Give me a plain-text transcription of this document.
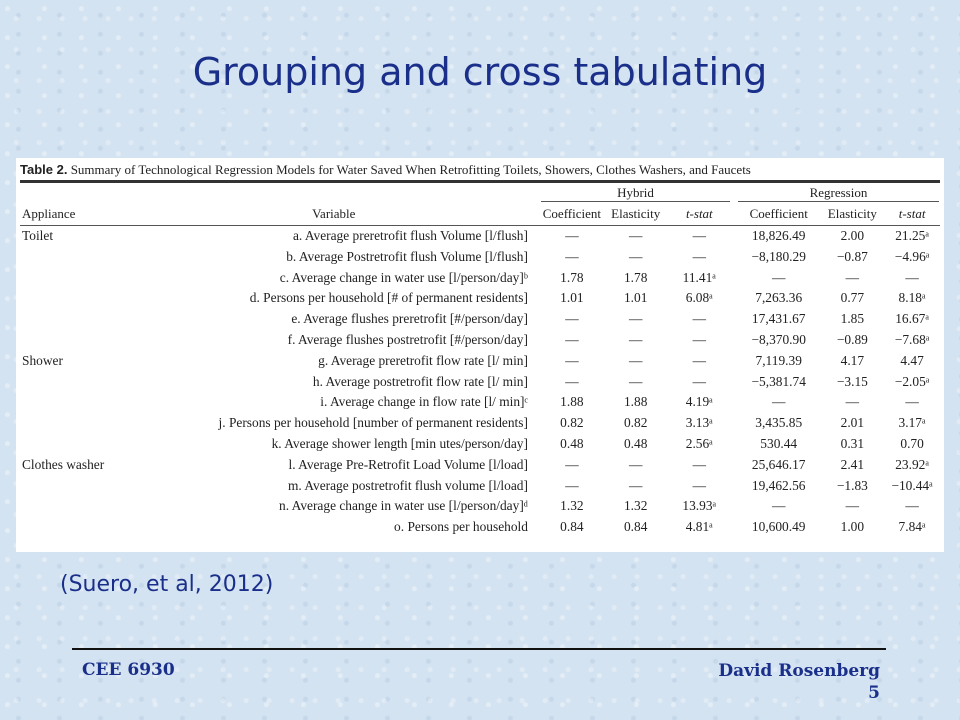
Grouping and cross tabulating
Table 2. Summary of Technological Regression Models for Water Saved When Retrofitting Toilets, Showers, Clothes Washers, and Faucets
		Hybrid				Regression		
Appliance	Variable	Coefficient	Elasticity	t-stat		Coefficient	Elasticity	t-stat
Toilet	a. Average preretrofit flush Volume [l/flush]	—	—	—		18,826.49	2.00	21.25ᵃ
	b. Average Postretrofit flush Volume [l/flush]	—	—	—		−8,180.29	−0.87	−4.96ᵃ
	c. Average change in water use [l/person/day]ᵇ	1.78	1.78	11.41ᵃ		—	—	—
	d. Persons per household [# of permanent residents]	1.01	1.01	6.08ᵃ		7,263.36	0.77	8.18ᵃ
	e. Average flushes preretrofit [#/person/day]	—	—	—		17,431.67	1.85	16.67ᵃ
	f. Average flushes postretrofit [#/person/day]	—	—	—		−8,370.90	−0.89	−7.68ᵃ
Shower	g. Average preretrofit flow rate [l/ min]	—	—	—		7,119.39	4.17	4.47
	h. Average postretrofit flow rate [l/ min]	—	—	—		−5,381.74	−3.15	−2.05ᵃ
	i. Average change in flow rate [l/ min]ᶜ	1.88	1.88	4.19ᵃ		—	—	—
	j. Persons per household [number of permanent residents]	0.82	0.82	3.13ᵃ		3,435.85	2.01	3.17ᵃ
	k. Average shower length [min utes/person/day]	0.48	0.48	2.56ᵃ		530.44	0.31	0.70
Clothes washer	l. Average Pre-Retrofit Load Volume [l/load]	—	—	—		25,646.17	2.41	23.92ᵃ
	m. Average postretrofit flush volume [l/load]	—	—	—		19,462.56	−1.83	−10.44ᵃ
	n. Average change in water use [l/person/day]ᵈ	1.32	1.32	13.93ᵃ		—	—	—
	o. Persons per household	0.84	0.84	4.81ᵃ		10,600.49	1.00	7.84ᵃ
(Suero, et al, 2012)
CEE 6930	David Rosenberg
5
